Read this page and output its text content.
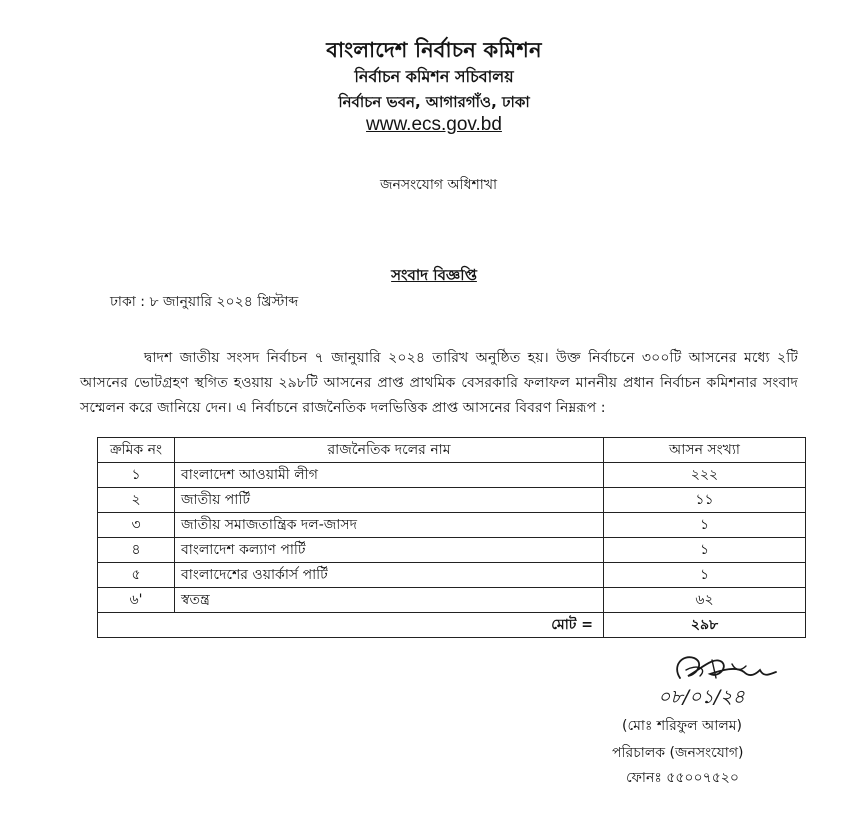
বাংলাদেশ নির্বাচন কমিশন
নির্বাচন কমিশন সচিবালয়
নির্বাচন ভবন, আগারগাঁও, ঢাকা
www.ecs.gov.bd
জনসংযোগ অধিশাখা
সংবাদ বিজ্ঞপ্তি
ঢাকা : ৮ জানুয়ারি ২০২৪ খ্রিস্টাব্দ
দ্বাদশ জাতীয় সংসদ নির্বাচন ৭ জানুয়ারি ২০২৪ তারিখ অনুষ্ঠিত হয়। উক্ত নির্বাচনে ৩০০টি আসনের মধ্যে ২টি আসনের ভোটগ্রহণ স্থগিত হওয়ায় ২৯৮টি আসনের প্রাপ্ত প্রাথমিক বেসরকারি ফলাফল মাননীয় প্রধান নির্বাচন কমিশনার সংবাদ সম্মেলন করে জানিয়ে দেন। এ নির্বাচনে রাজনৈতিক দলভিত্তিক প্রাপ্ত আসনের বিবরণ নিম্নরূপ :
ক্রমিক নং	রাজনৈতিক দলের নাম	আসন সংখ্যা
১	বাংলাদেশ আওয়ামী লীগ	২২২
২	জাতীয় পার্টি	১১
৩	জাতীয় সমাজতান্ত্রিক দল-জাসদ	১
৪	বাংলাদেশ কল্যাণ পার্টি	১
৫	বাংলাদেশের ওয়ার্কার্স পার্টি	১
৬'	স্বতন্ত্র	৬২
মোট =		২৯৮
০৮/০১/২৪
(মোঃ শরিফুল আলম)
পরিচালক (জনসংযোগ)
ফোনঃ ৫৫০০৭৫২০
